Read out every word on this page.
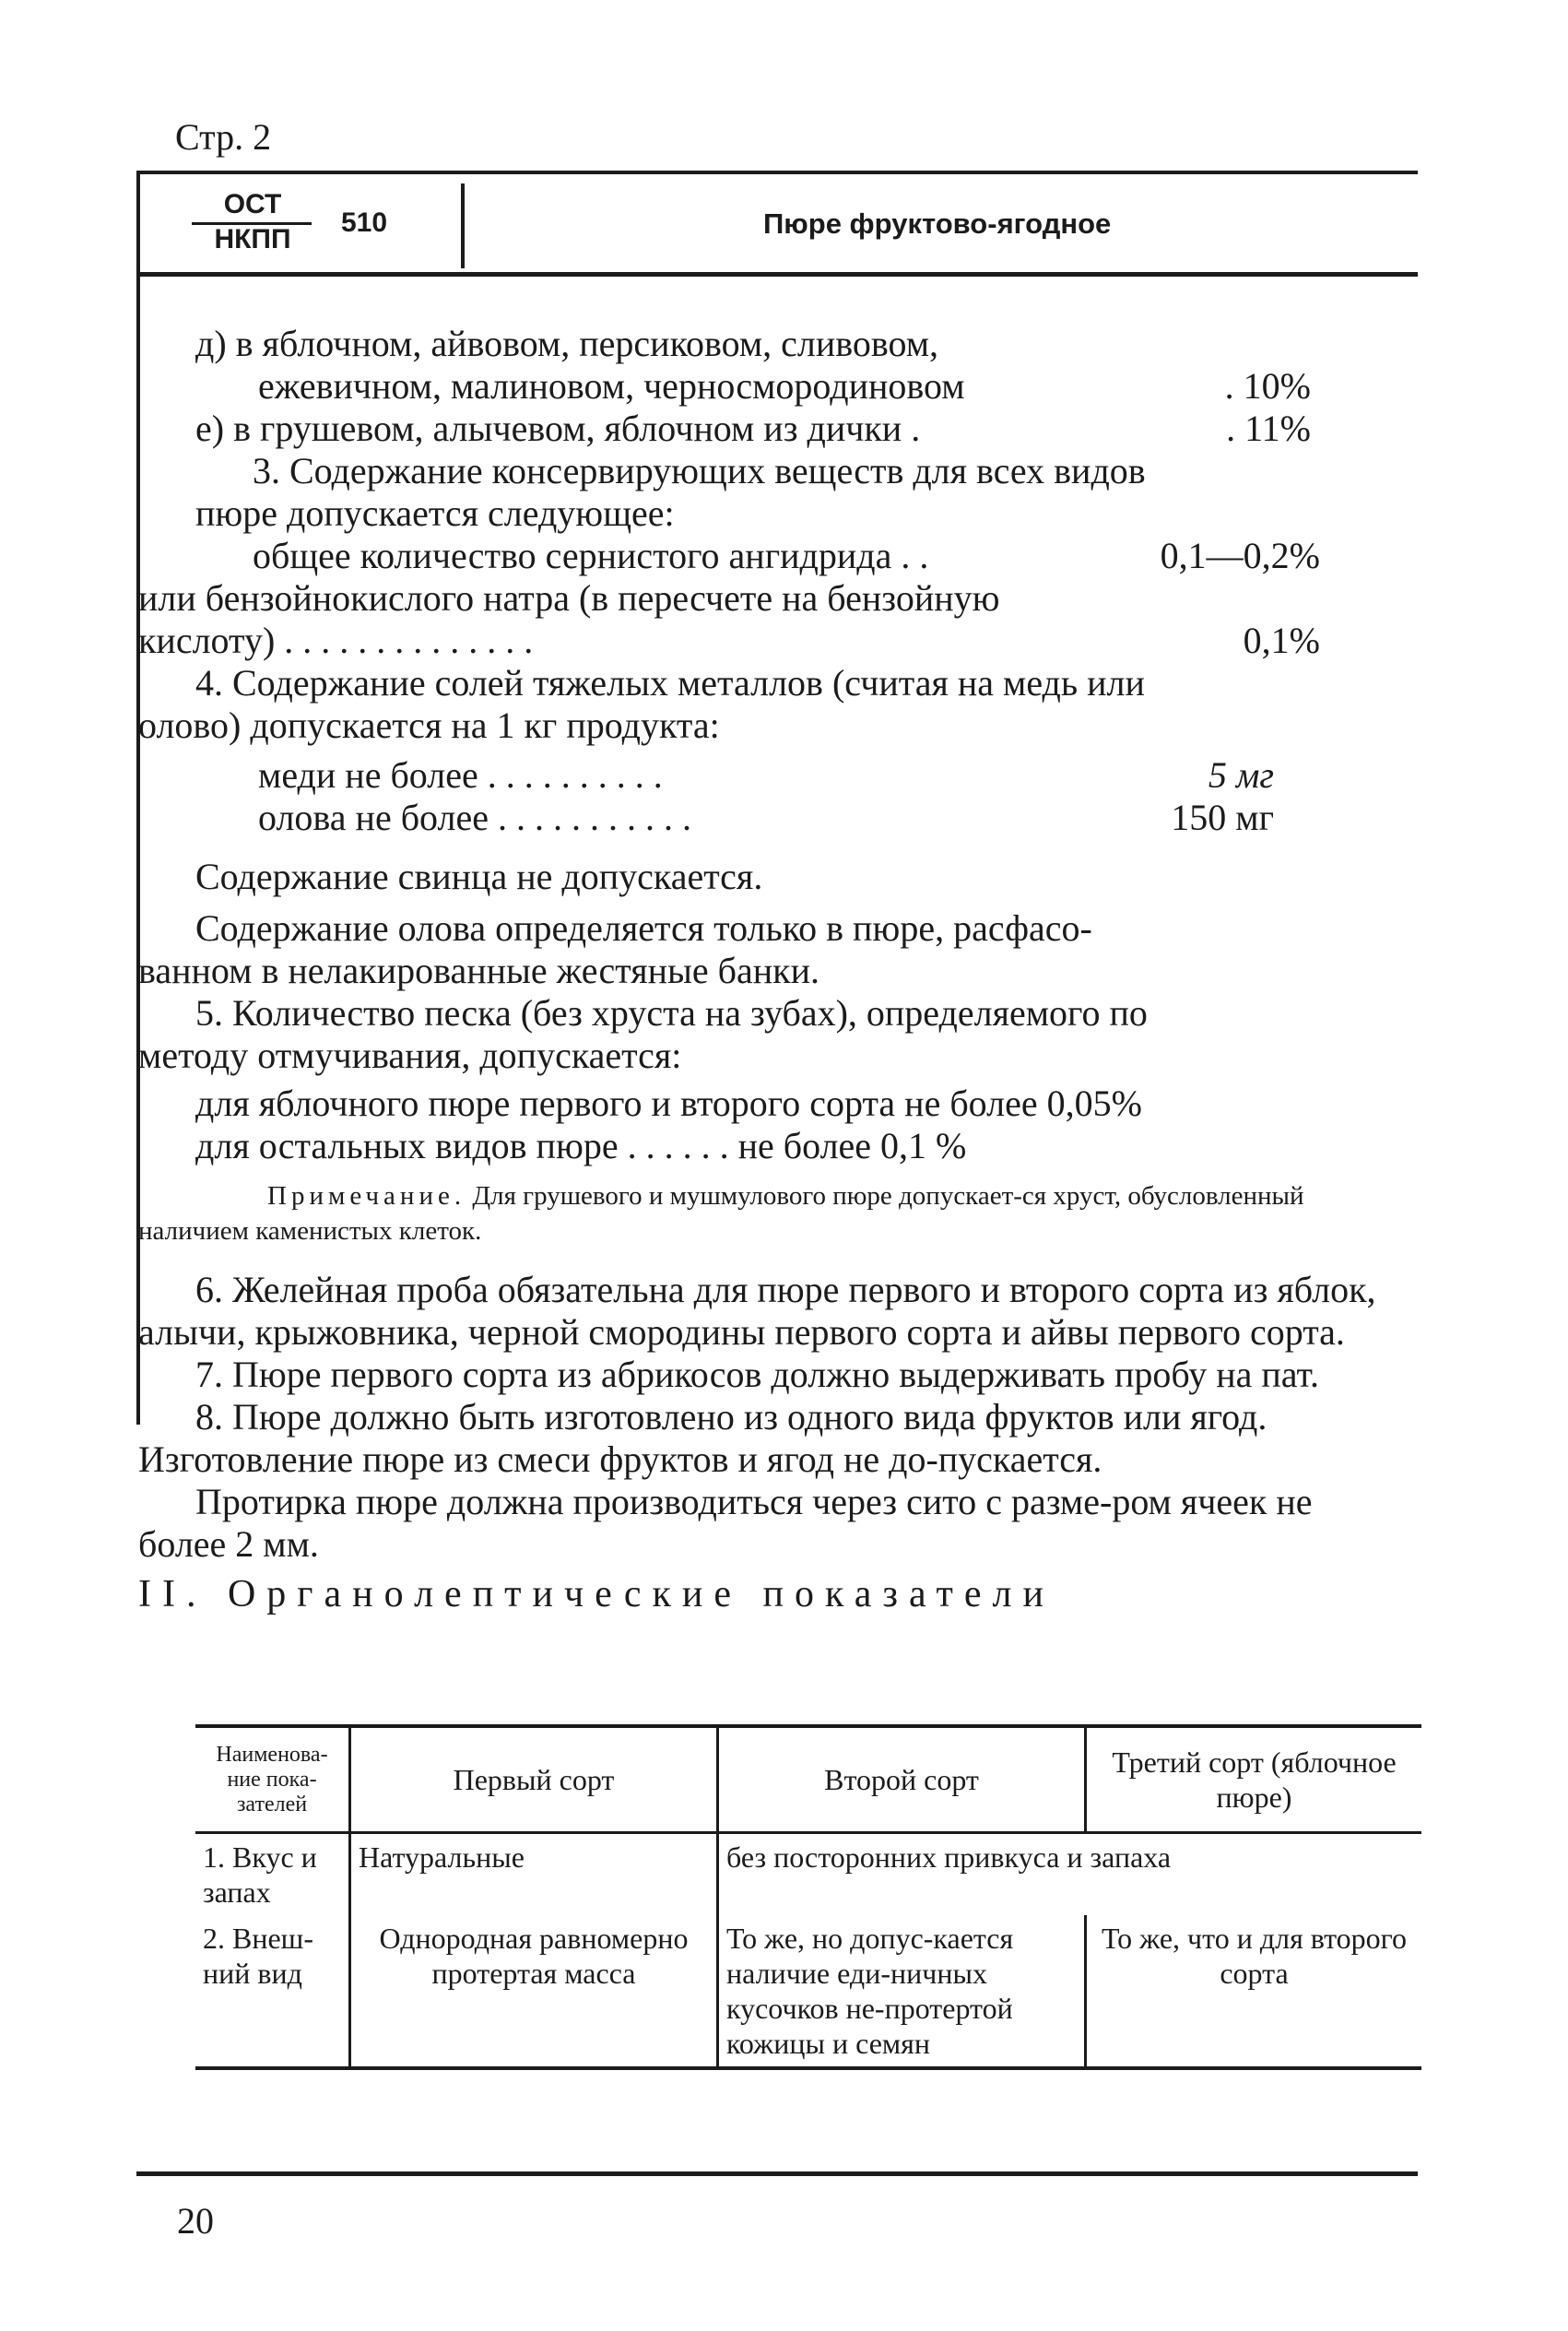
Стр. 2
ОСТ
НКПП
510	Пюре фруктово-ягодное

д) в яблочном, айвовом, персиковом, сливовом,

ежевичном, малиновом, черносмородиновом	. 10%
е) в грушевом, алычевом, яблочном из дички .	. 11%

3. Содержание консервирующих веществ для всех видов

пюре допускается следующее:

общее количество сернистого ангидрида . .	0,1—0,2%

или бензойнокислого натра (в пересчете на бензойную

кислоту) . . . . . . . . . . . . . .	0,1%

4. Содержание солей тяжелых металлов (считая на медь или

олово) допускается на 1 кг продукта:

меди не более . . . . . . . . . .	5 мг
олова не более . . . . . . . . . . .	150 мг

Содержание свинца не допускается.

Содержание олова определяется только в пюре, расфасо-

ванном в нелакированные жестяные банки.

5. Количество песка (без хруста на зубах), определяемого по

методу отмучивания, допускается:

для яблочного пюре первого и второго сорта не более 0,05%

для остальных видов пюре . . . . . . не более 0,1 %

Примечание. Для грушевого и мушмулового пюре допускает-ся хруст, обусловленный наличием каменистых клеток.

6. Желейная проба обязательна для пюре первого и второго сорта из яблок, алычи, крыжовника, черной смородины первого сорта и айвы первого сорта.

7. Пюре первого сорта из абрикосов должно выдерживать пробу на пат.

8. Пюре должно быть изготовлено из одного вида фруктов или ягод. Изготовление пюре из смеси фруктов и ягод не до-пускается.

Протирка пюре должна производиться через сито с разме-ром ячеек не более 2 мм.

II. Органолептические показатели

Наименова-ние пока-зателей	Первый сорт	Второй сорт	Третий сорт (яблочное пюре)
1. Вкус и запах	Натуральные	без посторонних привкуса и запаха	
2. Внеш-ний вид	Однородная равномерно протертая масса	То же, но допус-кается наличие еди-ничных кусочков не-протертой кожицы и семян	То же, что и для второго сорта
20
